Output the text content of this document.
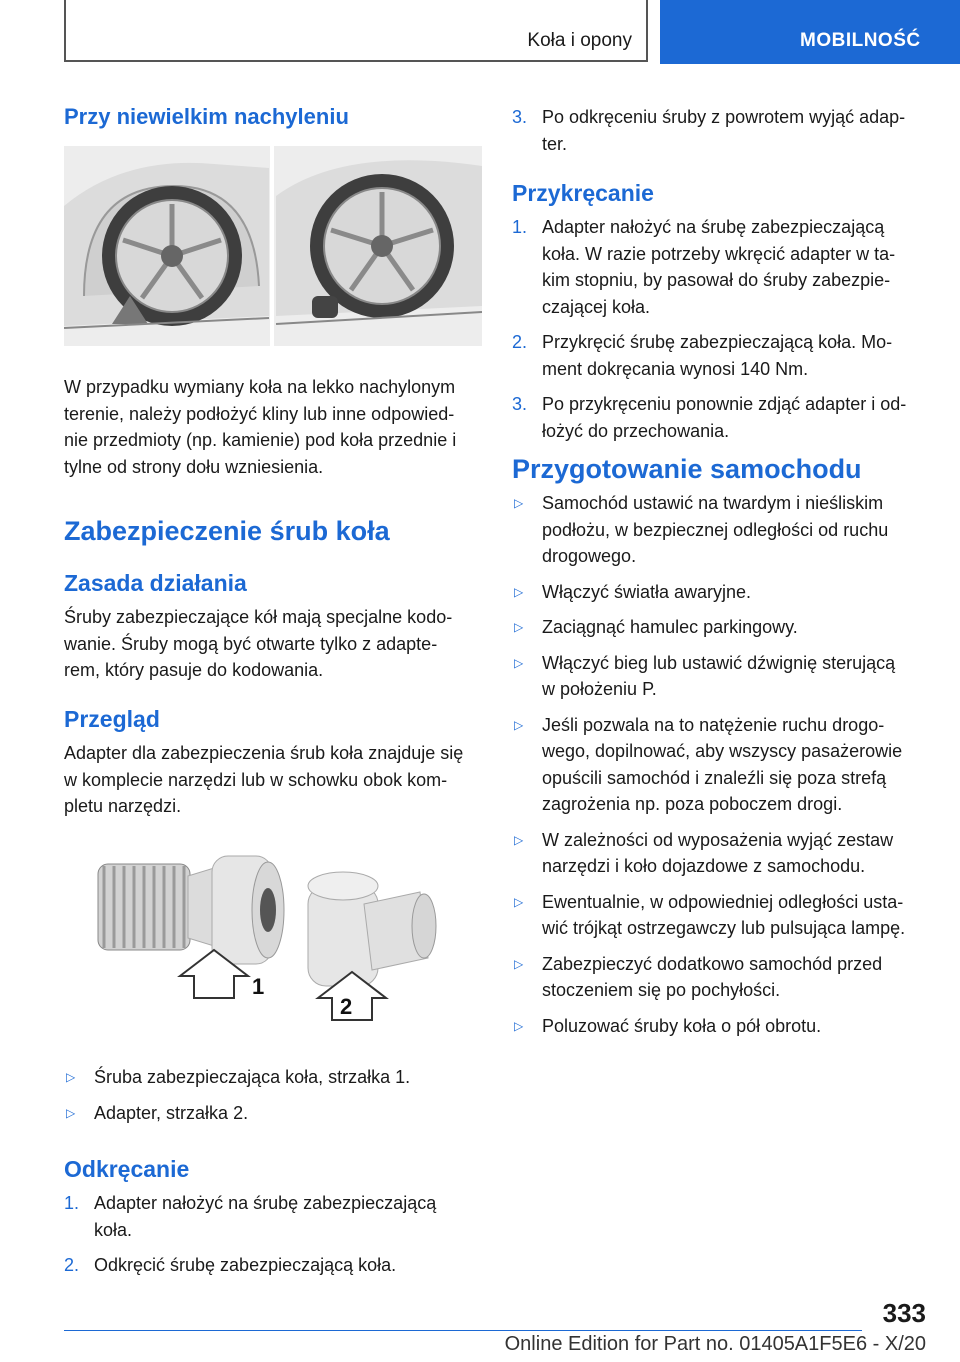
Koła i opony	MOBILNOŚĆ
Przy niewielkim nachyleniu

W przypadku wymiany koła na lekko nachylonym

terenie, należy podłożyć kliny lub inne odpowied-

nie przedmioty (np. kamienie) pod koła przednie i

tylne od strony dołu wzniesienia.

Zabezpieczenie śrub koła
Zasada działania

Śruby zabezpieczające kół mają specjalne kodo-

wanie. Śruby mogą być otwarte tylko z adapte-

rem, który pasuje do kodowania.

Przegląd

Adapter dla zabezpieczenia śrub koła znajduje się

w komplecie narzędzi lub w schowku obok kom-

pletu narzędzi.

1
2
▷ Śruba zabezpieczająca koła, strzałka 1.
▷ Adapter, strzałka 2.
Odkręcanie
1. Adapter nałożyć na śrubę zabezpieczającą
koła.
2. Odkręcić śrubę zabezpieczającą koła.
3. Po odkręceniu śruby z powrotem wyjąć adap-
ter.
Przykręcanie
1. Adapter nałożyć na śrubę zabezpieczającą
koła. W razie potrzeby wkręcić adapter w ta-
kim stopniu, by pasował do śruby zabezpie-
czającej koła.
2. Przykręcić śrubę zabezpieczającą koła. Mo-
ment dokręcania wynosi 140 Nm.
3. Po przykręceniu ponownie zdjąć adapter i od-
łożyć do przechowania.
Przygotowanie samochodu
▷ Samochód ustawić na twardym i nieśliskim
podłożu, w bezpiecznej odległości od ruchu
drogowego.
▷ Włączyć światła awaryjne.
▷ Zaciągnąć hamulec parkingowy.
▷ Włączyć bieg lub ustawić dźwignię sterującą
w położeniu P.
▷ Jeśli pozwala na to natężenie ruchu drogo-
wego, dopilnować, aby wszyscy pasażerowie
opuścili samochód i znaleźli się poza strefą
zagrożenia np. poza poboczem drogi.
▷ W zależności od wyposażenia wyjąć zestaw
narzędzi i koło dojazdowe z samochodu.
▷ Ewentualnie, w odpowiedniej odległości usta-
wić trójkąt ostrzegawczy lub pulsująca lampę.
▷ Zabezpieczyć dodatkowo samochód przed
stoczeniem się po pochyłości.
▷ Poluzować śruby koła o pół obrotu.
333
Online Edition for Part no. 01405A1F5E6 - X/20
